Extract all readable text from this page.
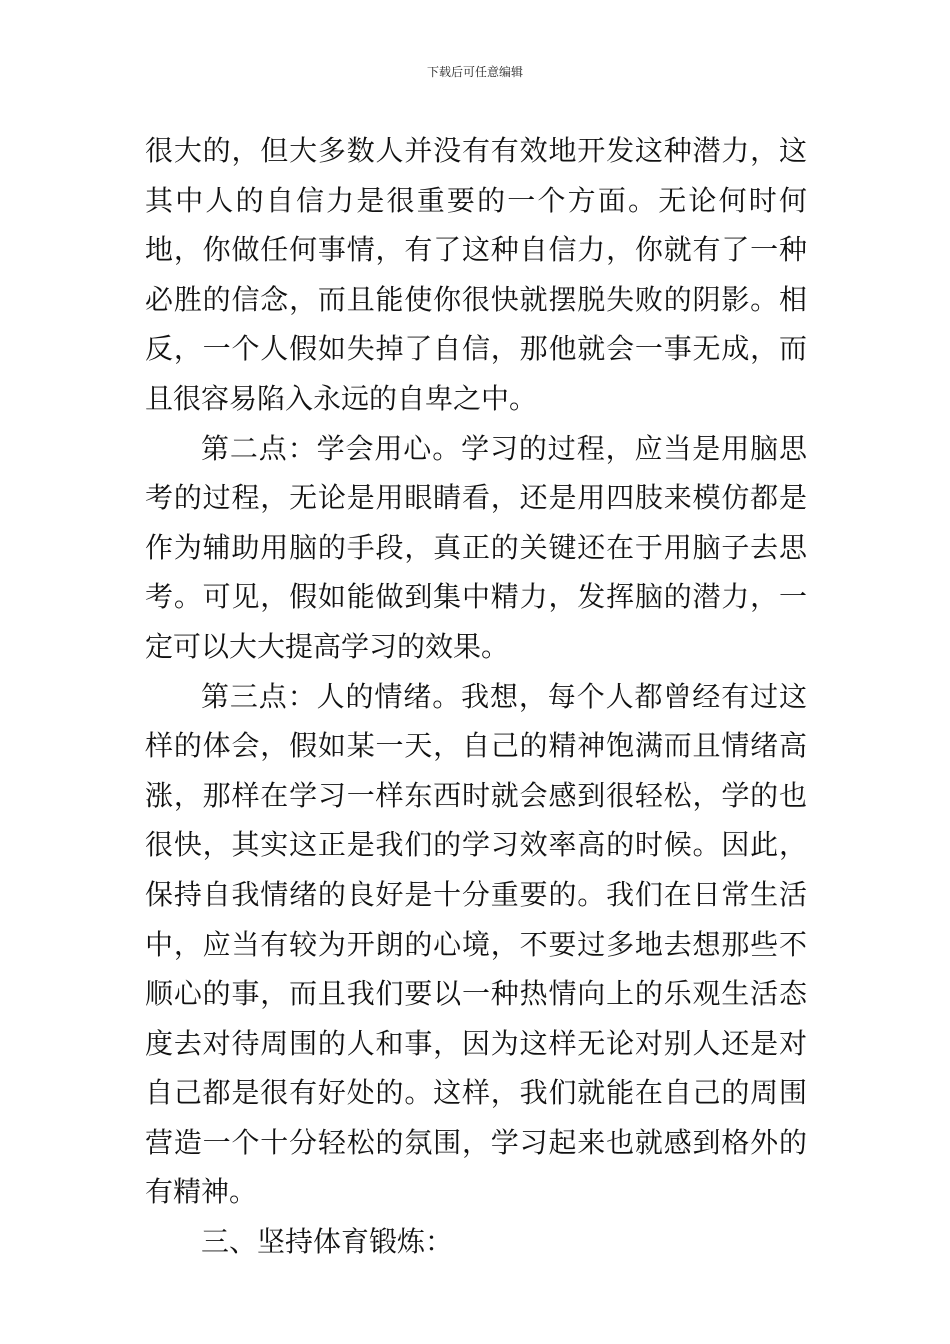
下载后可任意编辑

很大的，但大多数人并没有有效地开发这种潜力，这其中人的自信力是很重要的一个方面。无论何时何地，你做任何事情，有了这种自信力，你就有了一种必胜的信念，而且能使你很快就摆脱失败的阴影。相反，一个人假如失掉了自信，那他就会一事无成，而且很容易陷入永远的自卑之中。

第二点：学会用心。学习的过程，应当是用脑思考的过程，无论是用眼睛看，还是用四肢来模仿都是作为辅助用脑的手段，真正的关键还在于用脑子去思考。可见，假如能做到集中精力，发挥脑的潜力，一定可以大大提高学习的效果。

第三点：人的情绪。我想，每个人都曾经有过这样的体会，假如某一天，自己的精神饱满而且情绪高涨，那样在学习一样东西时就会感到很轻松，学的也很快，其实这正是我们的学习效率高的时候。因此，保持自我情绪的良好是十分重要的。我们在日常生活中，应当有较为开朗的心境，不要过多地去想那些不顺心的事，而且我们要以一种热情向上的乐观生活态度去对待周围的人和事，因为这样无论对别人还是对自己都是很有好处的。这样，我们就能在自己的周围营造一个十分轻松的氛围，学习起来也就感到格外的有精神。

三、坚持体育锻炼：
